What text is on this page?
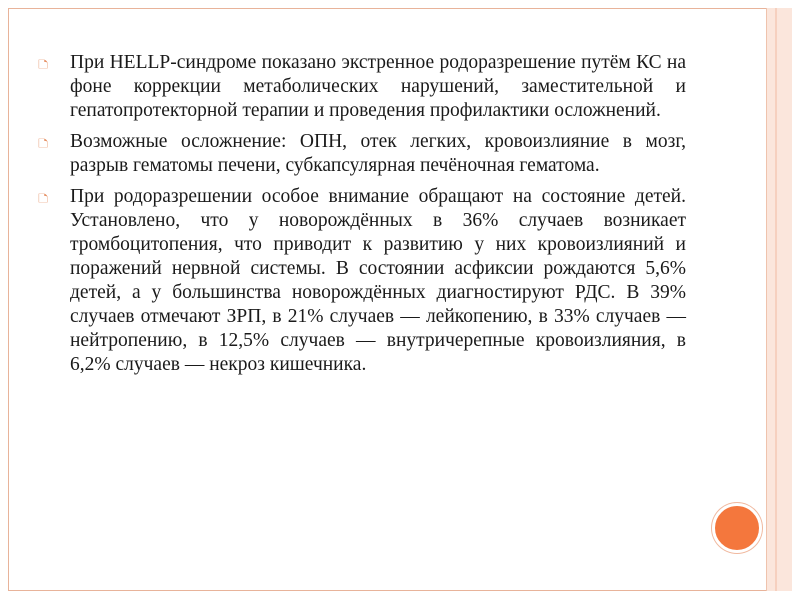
🗅	При HELLP-синдроме показано экстренное родоразрешение путём КС на фоне коррекции метаболических нарушений, заместительной и гепатопротекторной терапии и проведения профилактики осложнений.
🗅	Возможные осложнение: ОПН, отек легких, кровоизлияние в мозг, разрыв гематомы печени, субкапсулярная печёночная гематома.
🗅	При родоразрешении особое внимание обращают на состояние детей. Установлено, что у новорождённых в 36% случаев возникает тромбоцитопения, что приводит к развитию у них кровоизлияний и поражений нервной системы. В состоянии асфиксии рождаются 5,6% детей, а у большинства новорождённых диагностируют РДС. В 39% случаев отмечают ЗРП, в 21% случаев — лейкопению, в 33% случаев — нейтропению, в 12,5% случаев — внутричерепные кровоизлияния, в 6,2% случаев — некроз кишечника.
